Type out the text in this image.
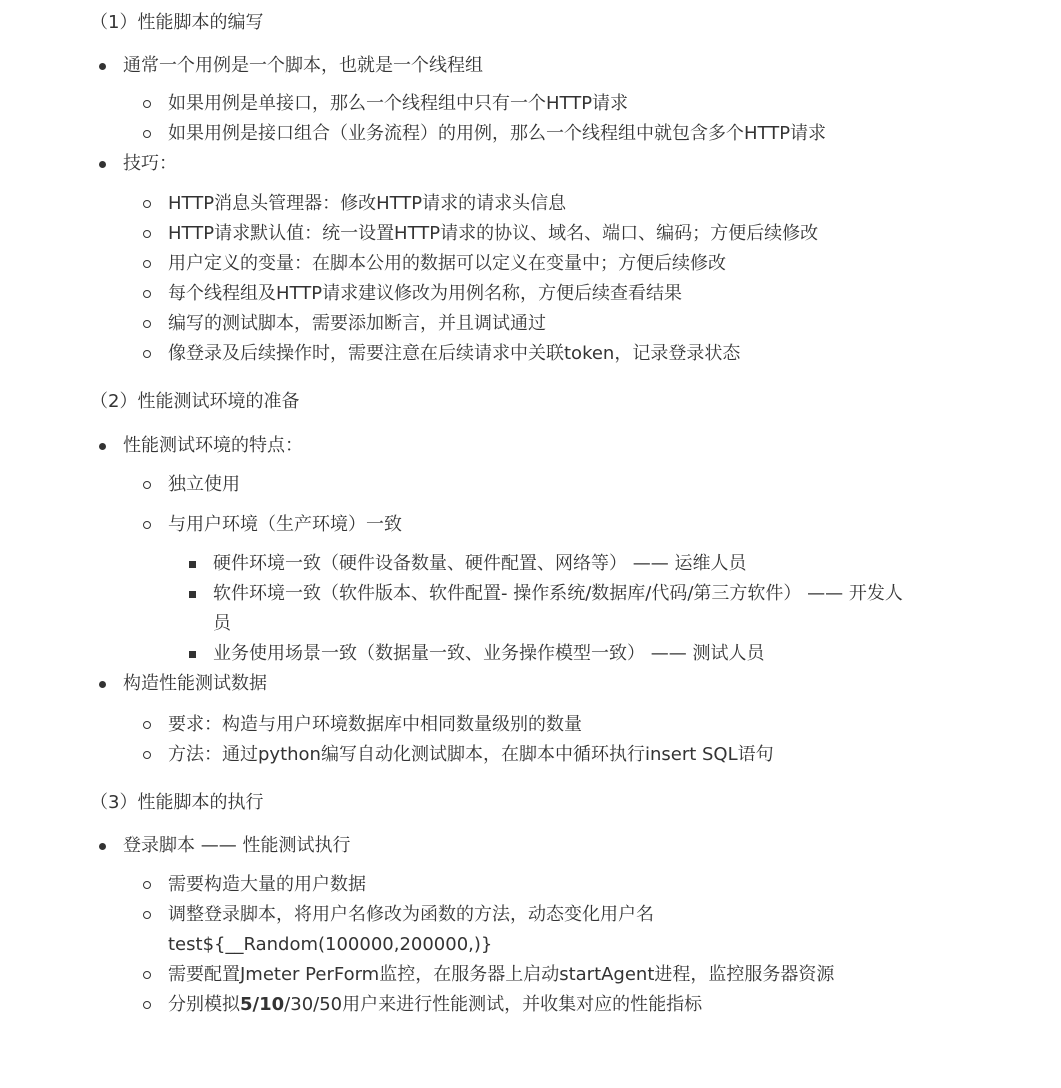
（1）性能脚本的编写
通常一个用例是一个脚本，也就是一个线程组
如果用例是单接口，那么一个线程组中只有一个HTTP请求
如果用例是接口组合（业务流程）的用例，那么一个线程组中就包含多个HTTP请求
技巧：
HTTP消息头管理器：修改HTTP请求的请求头信息
HTTP请求默认值：统一设置HTTP请求的协议、域名、端口、编码；方便后续修改
用户定义的变量：在脚本公用的数据可以定义在变量中；方便后续修改
每个线程组及HTTP请求建议修改为用例名称，方便后续查看结果
编写的测试脚本，需要添加断言，并且调试通过
像登录及后续操作时，需要注意在后续请求中关联token，记录登录状态
（2）性能测试环境的准备
性能测试环境的特点：
独立使用
与用户环境（生产环境）一致
硬件环境一致（硬件设备数量、硬件配置、网络等） —— 运维人员
软件环境一致（软件版本、软件配置- 操作系统/数据库/代码/第三方软件） —— 开发人
员
业务使用场景一致（数据量一致、业务操作模型一致） —— 测试人员
构造性能测试数据
要求：构造与用户环境数据库中相同数量级别的数量
方法：通过python编写自动化测试脚本，在脚本中循环执行insert SQL语句
（3）性能脚本的执行
登录脚本 —— 性能测试执行
需要构造大量的用户数据
调整登录脚本，将用户名修改为函数的方法，动态变化用户名
test${__Random(100000,200000,)}
需要配置Jmeter PerForm监控，在服务器上启动startAgent进程，监控服务器资源
分别模拟5/10/30/50用户来进行性能测试，并收集对应的性能指标
